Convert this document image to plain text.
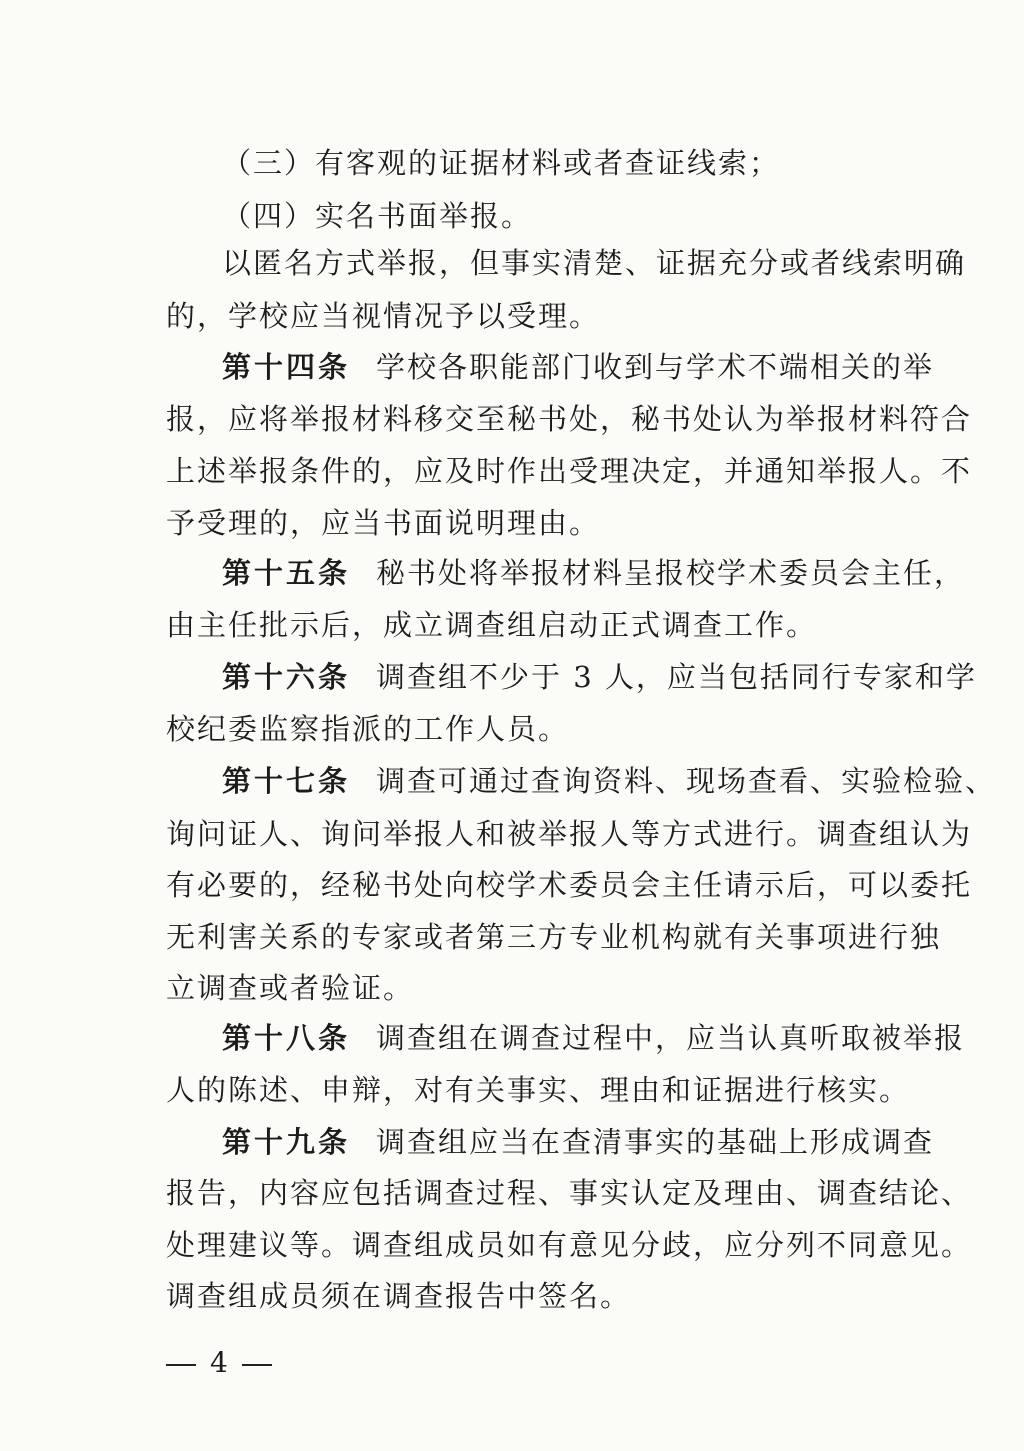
（三）有客观的证据材料或者查证线索；
（四）实名书面举报。
以匿名方式举报，但事实清楚、证据充分或者线索明确
的，学校应当视情况予以受理。
第十四条 学校各职能部门收到与学术不端相关的举
报，应将举报材料移交至秘书处，秘书处认为举报材料符合
上述举报条件的，应及时作出受理决定，并通知举报人。不
予受理的，应当书面说明理由。
第十五条 秘书处将举报材料呈报校学术委员会主任，
由主任批示后，成立调查组启动正式调查工作。
第十六条 调查组不少于 3 人，应当包括同行专家和学
校纪委监察指派的工作人员。
第十七条 调查可通过查询资料、现场查看、实验检验、
询问证人、询问举报人和被举报人等方式进行。调查组认为
有必要的，经秘书处向校学术委员会主任请示后，可以委托
无利害关系的专家或者第三方专业机构就有关事项进行独
立调查或者验证。
第十八条 调查组在调查过程中，应当认真听取被举报
人的陈述、申辩，对有关事实、理由和证据进行核实。
第十九条 调查组应当在查清事实的基础上形成调查
报告，内容应包括调查过程、事实认定及理由、调查结论、
处理建议等。调查组成员如有意见分歧，应分列不同意见。
调查组成员须在调查报告中签名。
4
